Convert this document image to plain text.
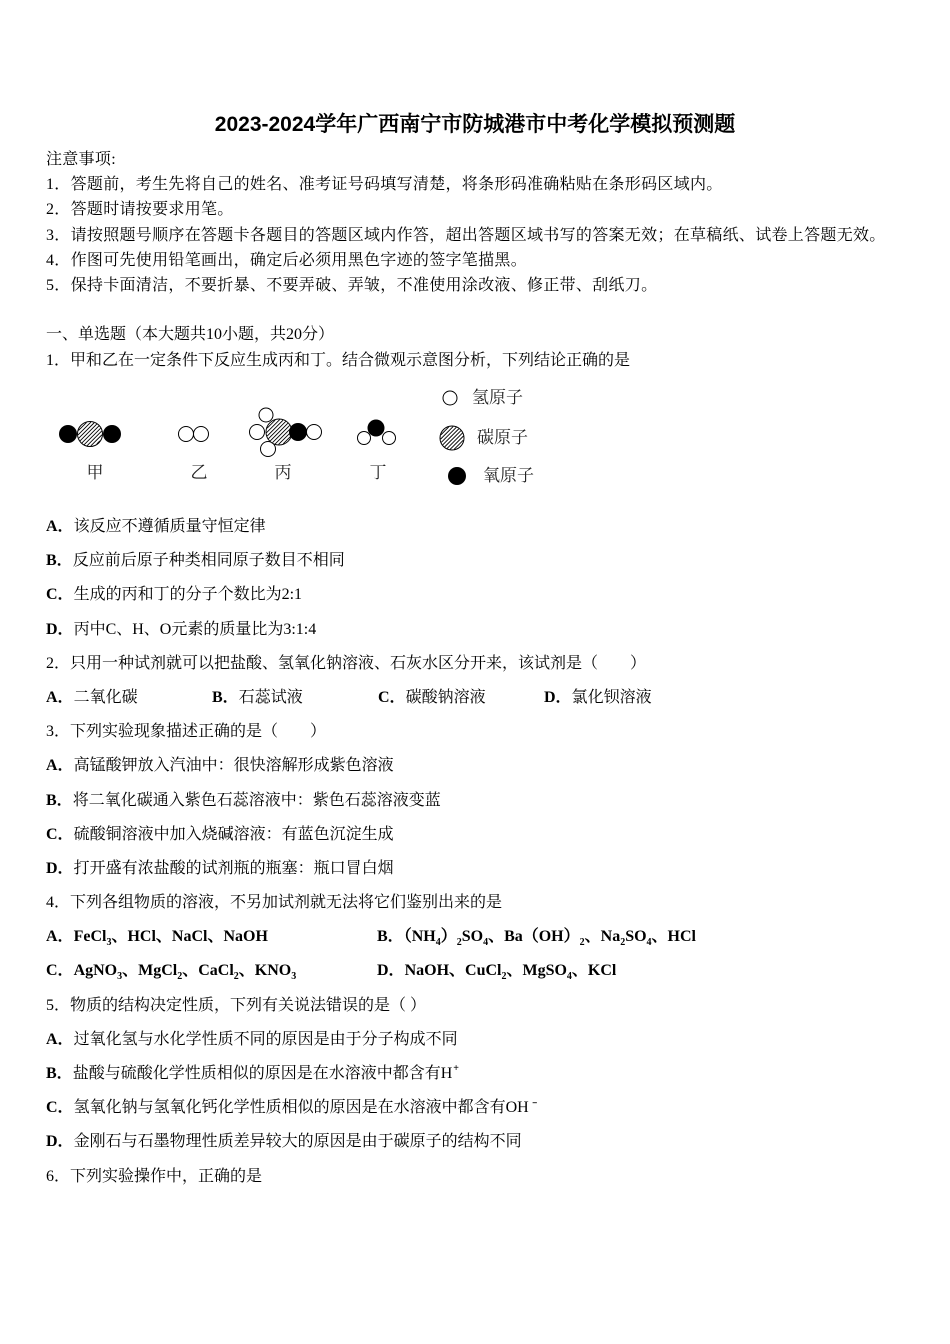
2023-2024学年广西南宁市防城港市中考化学模拟预测题
注意事项:
1．答题前，考生先将自己的姓名、准考证号码填写清楚，将条形码准确粘贴在条形码区域内。
2．答题时请按要求用笔。
3．请按照题号顺序在答题卡各题目的答题区域内作答，超出答题区域书写的答案无效；在草稿纸、试卷上答题无效。
4．作图可先使用铅笔画出，确定后必须用黑色字迹的签字笔描黑。
5．保持卡面清洁，不要折暴、不要弄破、弄皱，不准使用涂改液、修正带、刮纸刀。
一、单选题（本大题共10小题，共20分）
1．甲和乙在一定条件下反应生成丙和丁。结合微观示意图分析，下列结论正确的是
甲	乙	丙	丁
氢原子
碳原子
氧原子
A．该反应不遵循质量守恒定律
B．反应前后原子种类相同原子数目不相同
C．生成的丙和丁的分子个数比为2:1
D．丙中C、H、O元素的质量比为3:1:4
2．只用一种试剂就可以把盐酸、氢氧化钠溶液、石灰水区分开来，该试剂是（　　）
A．二氧化碳	B．石蕊试液	C．碳酸钠溶液	D．氯化钡溶液
3．下列实验现象描述正确的是（　　）
A．高锰酸钾放入汽油中：很快溶解形成紫色溶液
B．将二氧化碳通入紫色石蕊溶液中：紫色石蕊溶液变蓝
C．硫酸铜溶液中加入烧碱溶液：有蓝色沉淀生成
D．打开盛有浓盐酸的试剂瓶的瓶塞：瓶口冒白烟
4．下列各组物质的溶液，不另加试剂就无法将它们鉴别出来的是
A．FeCl$_3$、HCl、NaCl、NaOH	B．$(NH_4)_2SO_4$、$Ba(OH)_2$、$Na_2SO_4$、HCl
C．AgNO$_3$、MgCl$_2$、CaCl$_2$、$KNO_3$	D．NaOH、CuCl$_2$、MgSO$_4$、KCl
5．物质的结构决定性质，下列有关说法错误的是（ ）
A．过氧化氢与水化学性质不同的原因是由于分子构成不同
B．盐酸与硫酸化学性质相似的原因是在水溶液中都含有H+
C．氢氧化钠与氢氧化钙化学性质相似的原因是在水溶液中都含有OH﹣
D．金刚石与石墨物理性质差异较大的原因是由于碳原子的结构不同
6．下列实验操作中，正确的是
